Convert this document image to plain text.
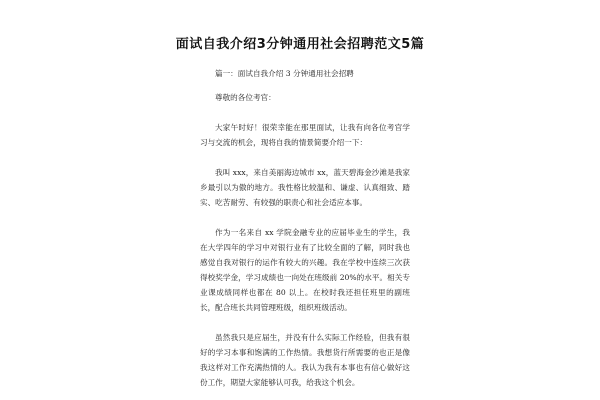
面试自我介绍3分钟通用社会招聘范文5篇

篇一：面试自我介绍 3 分钟通用社会招聘

尊敬的各位考官：

大家午时好！很荣幸能在那里面试，让我有向各位考官学习与交流的机会，现将自我的情景简要介绍一下：

我叫 xxx，来自美丽海边城市 xx，蓝天碧海金沙滩是我家乡最引以为傲的地方。我性格比较温和、谦虚、认真细致、踏实、吃苦耐劳、有较强的职责心和社会适应本事。

作为一名来自 xx 学院金融专业的应届毕业生的学生，我在大学四年的学习中对银行业有了比较全面的了解，同时我也感觉自我对银行的运作有较大的兴趣。我在学校中连续三次获得校奖学金，学习成绩也一向处在班级前 20%的水平。相关专业课成绩同样也都在 80 以上。在校时我还担任班里的副班长，配合班长共同管理班级，组织班级活动。

虽然我只是应届生，并没有什么实际工作经验，但我有很好的学习本事和饱满的工作热情。我想货行所需要的也正是像我这样对工作充满热情的人。我认为我有本事也有信心做好这份工作，期望大家能够认可我，给我这个机会。
